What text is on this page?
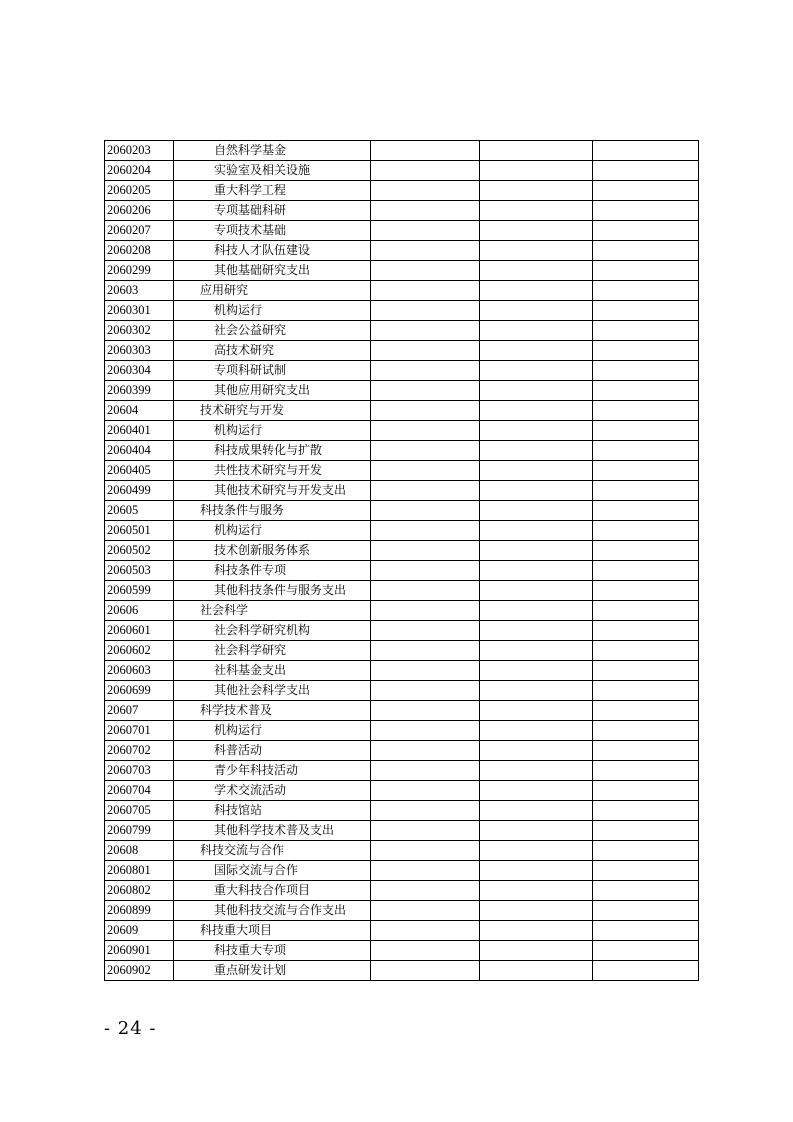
2060203	自然科学基金			
2060204	实验室及相关设施			
2060205	重大科学工程			
2060206	专项基础科研			
2060207	专项技术基础			
2060208	科技人才队伍建设			
2060299	其他基础研究支出			
20603	应用研究			
2060301	机构运行			
2060302	社会公益研究			
2060303	高技术研究			
2060304	专项科研试制			
2060399	其他应用研究支出			
20604	技术研究与开发			
2060401	机构运行			
2060404	科技成果转化与扩散			
2060405	共性技术研究与开发			
2060499	其他技术研究与开发支出			
20605	科技条件与服务			
2060501	机构运行			
2060502	技术创新服务体系			
2060503	科技条件专项			
2060599	其他科技条件与服务支出			
20606	社会科学			
2060601	社会科学研究机构			
2060602	社会科学研究			
2060603	社科基金支出			
2060699	其他社会科学支出			
20607	科学技术普及			
2060701	机构运行			
2060702	科普活动			
2060703	青少年科技活动			
2060704	学术交流活动			
2060705	科技馆站			
2060799	其他科学技术普及支出			
20608	科技交流与合作			
2060801	国际交流与合作			
2060802	重大科技合作项目			
2060899	其他科技交流与合作支出			
20609	科技重大项目			
2060901	科技重大专项			
2060902	重点研发计划			
- 24 -
